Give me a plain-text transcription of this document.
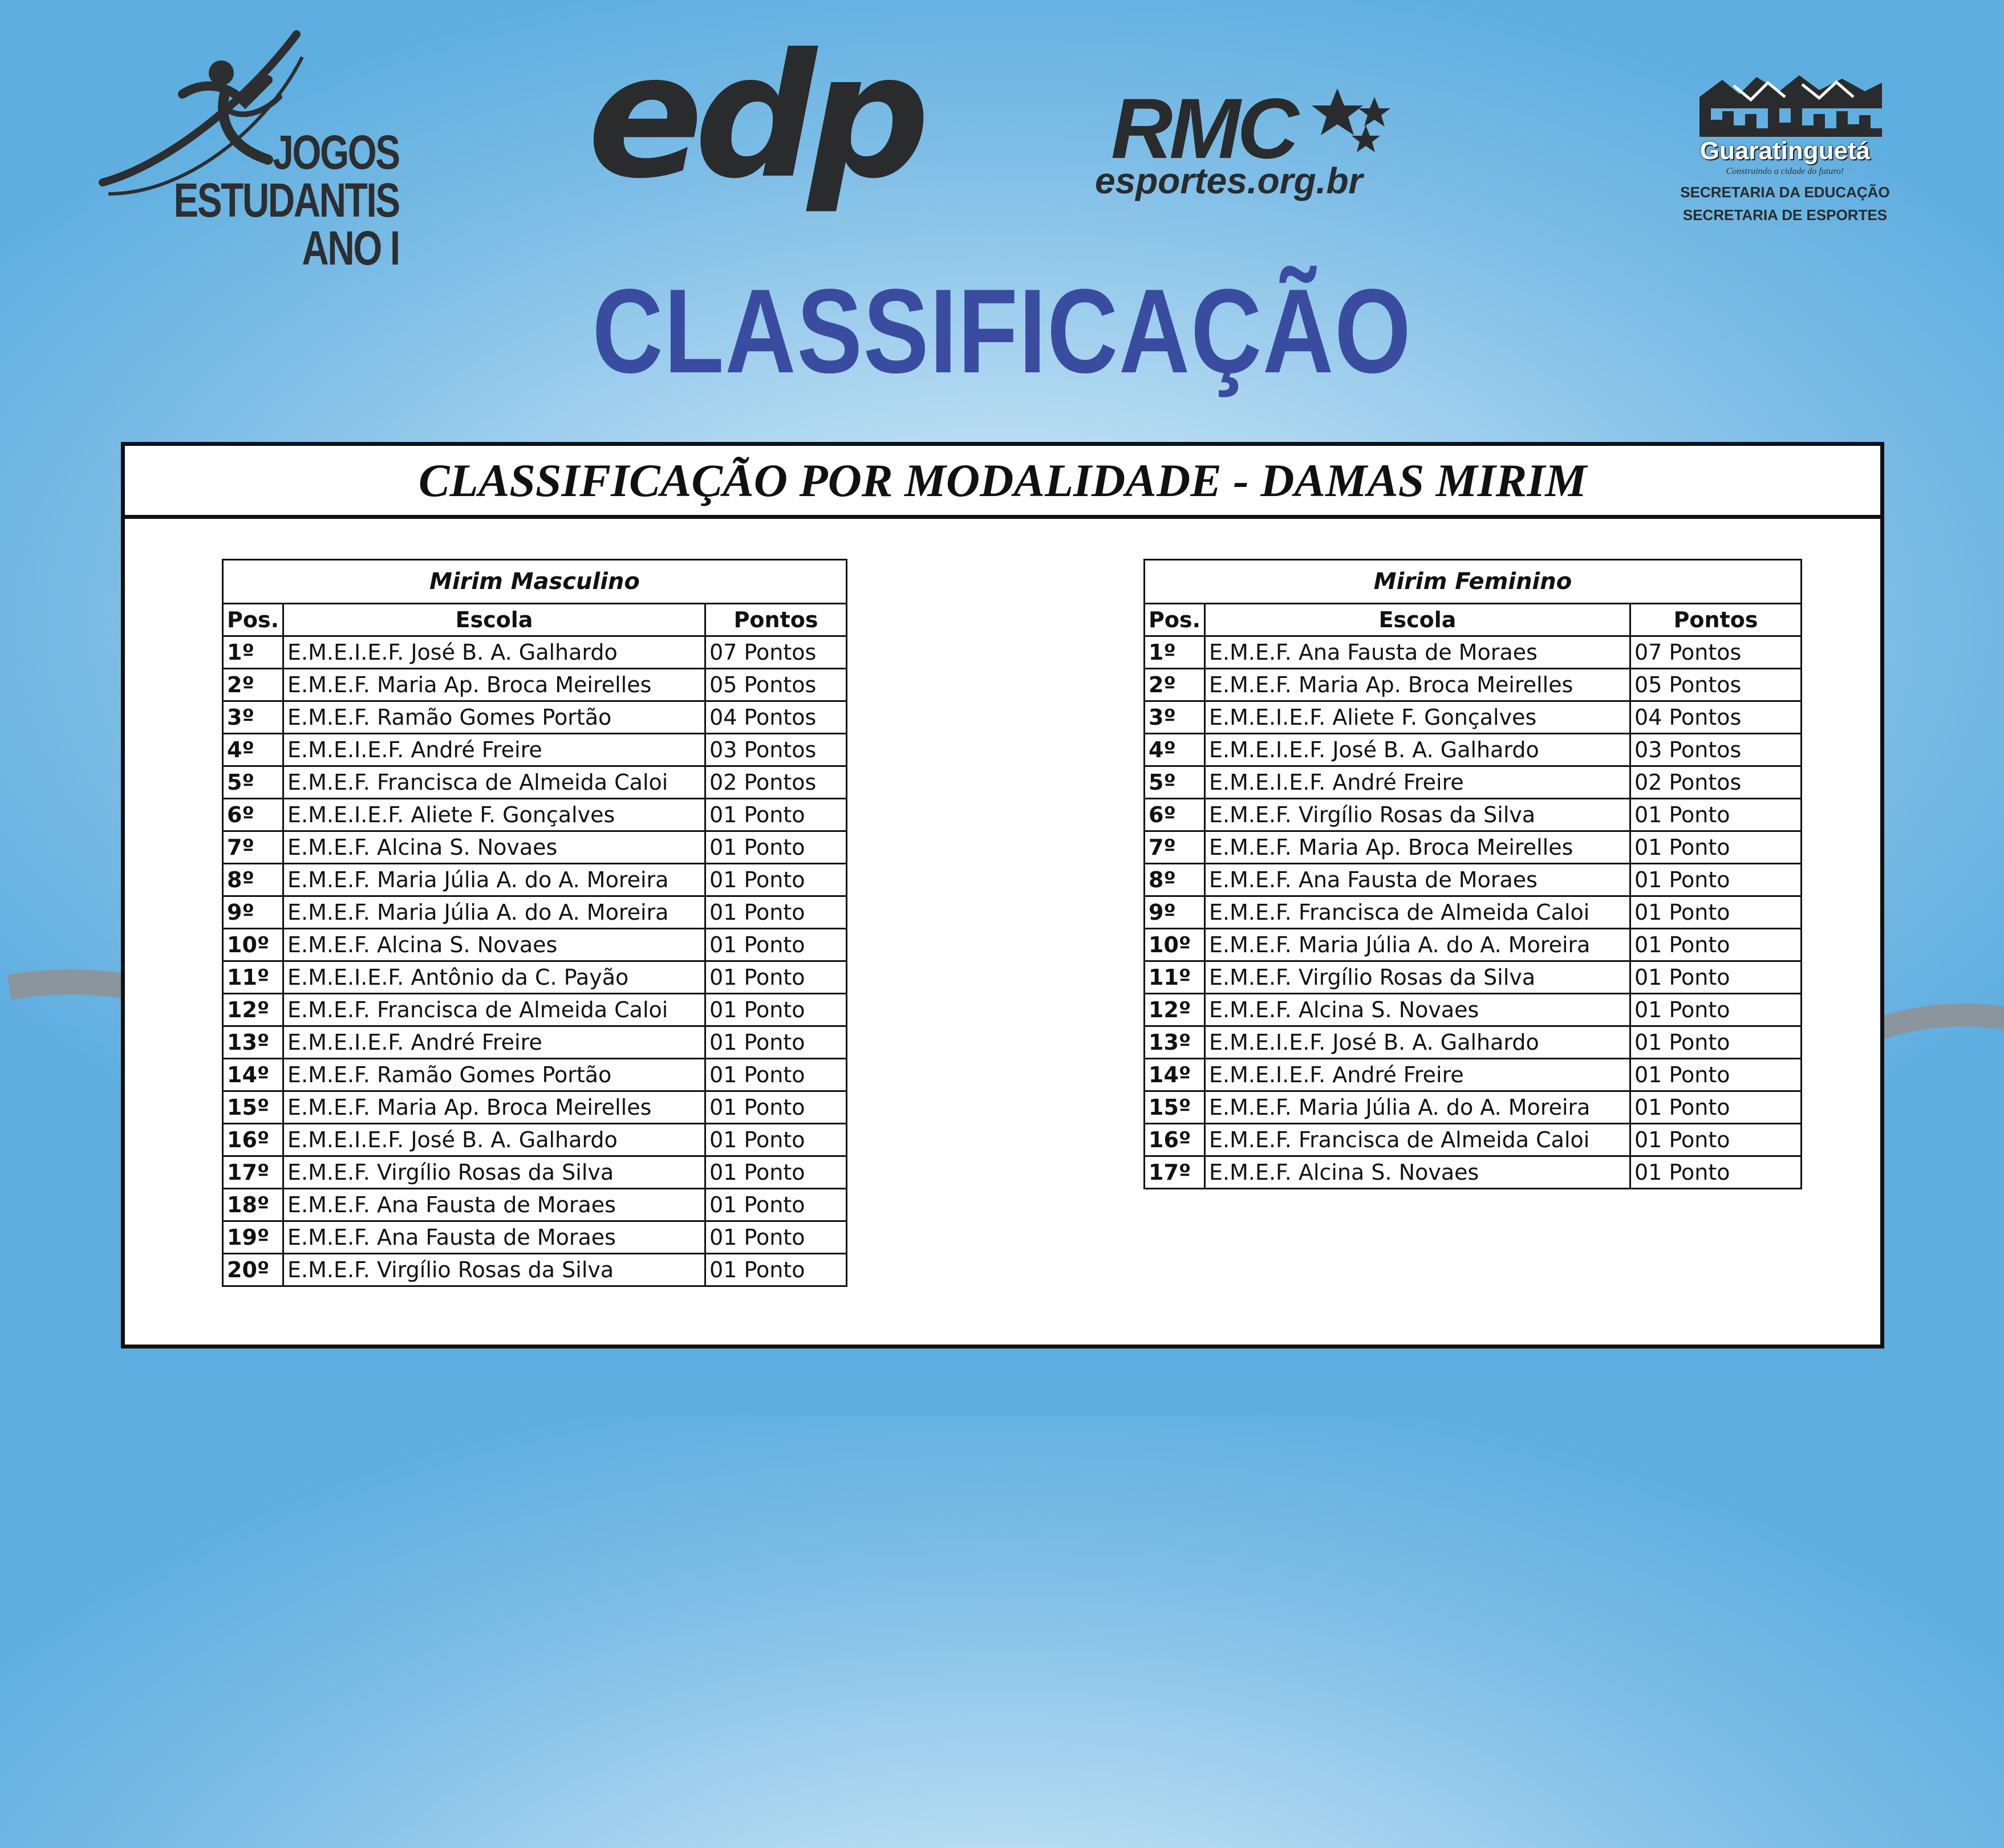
JOGOS
ESTUDANTIS
ANO I
edp RMC
esportes.org.br
Guaratinguetá
Construindo a cidade do futuro!
SECRETARIA DA EDUCAÇÃO
SECRETARIA DE ESPORTES
CLASSIFICAÇÃO
CLASSIFICAÇÃO POR MODALIDADE - DAMAS MIRIM
Mirim Masculino		
Pos.	Escola	Pontos
1º	E.M.E.I.E.F. José B. A. Galhardo	07 Pontos
2º	E.M.E.F. Maria Ap. Broca Meirelles	05 Pontos
3º	E.M.E.F. Ramão Gomes Portão	04 Pontos
4º	E.M.E.I.E.F. André Freire	03 Pontos
5º	E.M.E.F. Francisca de Almeida Caloi	02 Pontos
6º	E.M.E.I.E.F. Aliete F. Gonçalves	01 Ponto
7º	E.M.E.F. Alcina S. Novaes	01 Ponto
8º	E.M.E.F. Maria Júlia A. do A. Moreira	01 Ponto
9º	E.M.E.F. Maria Júlia A. do A. Moreira	01 Ponto
10º	E.M.E.F. Alcina S. Novaes	01 Ponto
11º	E.M.E.I.E.F. Antônio da C. Payão	01 Ponto
12º	E.M.E.F. Francisca de Almeida Caloi	01 Ponto
13º	E.M.E.I.E.F. André Freire	01 Ponto
14º	E.M.E.F. Ramão Gomes Portão	01 Ponto
15º	E.M.E.F. Maria Ap. Broca Meirelles	01 Ponto
16º	E.M.E.I.E.F. José B. A. Galhardo	01 Ponto
17º	E.M.E.F. Virgílio Rosas da Silva	01 Ponto
18º	E.M.E.F. Ana Fausta de Moraes	01 Ponto
19º	E.M.E.F. Ana Fausta de Moraes	01 Ponto
20º	E.M.E.F. Virgílio Rosas da Silva	01 Ponto
Mirim Feminino		
Pos.	Escola	Pontos
1º	E.M.E.F. Ana Fausta de Moraes	07 Pontos
2º	E.M.E.F. Maria Ap. Broca Meirelles	05 Pontos
3º	E.M.E.I.E.F. Aliete F. Gonçalves	04 Pontos
4º	E.M.E.I.E.F. José B. A. Galhardo	03 Pontos
5º	E.M.E.I.E.F. André Freire	02 Pontos
6º	E.M.E.F. Virgílio Rosas da Silva	01 Ponto
7º	E.M.E.F. Maria Ap. Broca Meirelles	01 Ponto
8º	E.M.E.F. Ana Fausta de Moraes	01 Ponto
9º	E.M.E.F. Francisca de Almeida Caloi	01 Ponto
10º	E.M.E.F. Maria Júlia A. do A. Moreira	01 Ponto
11º	E.M.E.F. Virgílio Rosas da Silva	01 Ponto
12º	E.M.E.F. Alcina S. Novaes	01 Ponto
13º	E.M.E.I.E.F. José B. A. Galhardo	01 Ponto
14º	E.M.E.I.E.F. André Freire	01 Ponto
15º	E.M.E.F. Maria Júlia A. do A. Moreira	01 Ponto
16º	E.M.E.F. Francisca de Almeida Caloi	01 Ponto
17º	E.M.E.F. Alcina S. Novaes	01 Ponto
